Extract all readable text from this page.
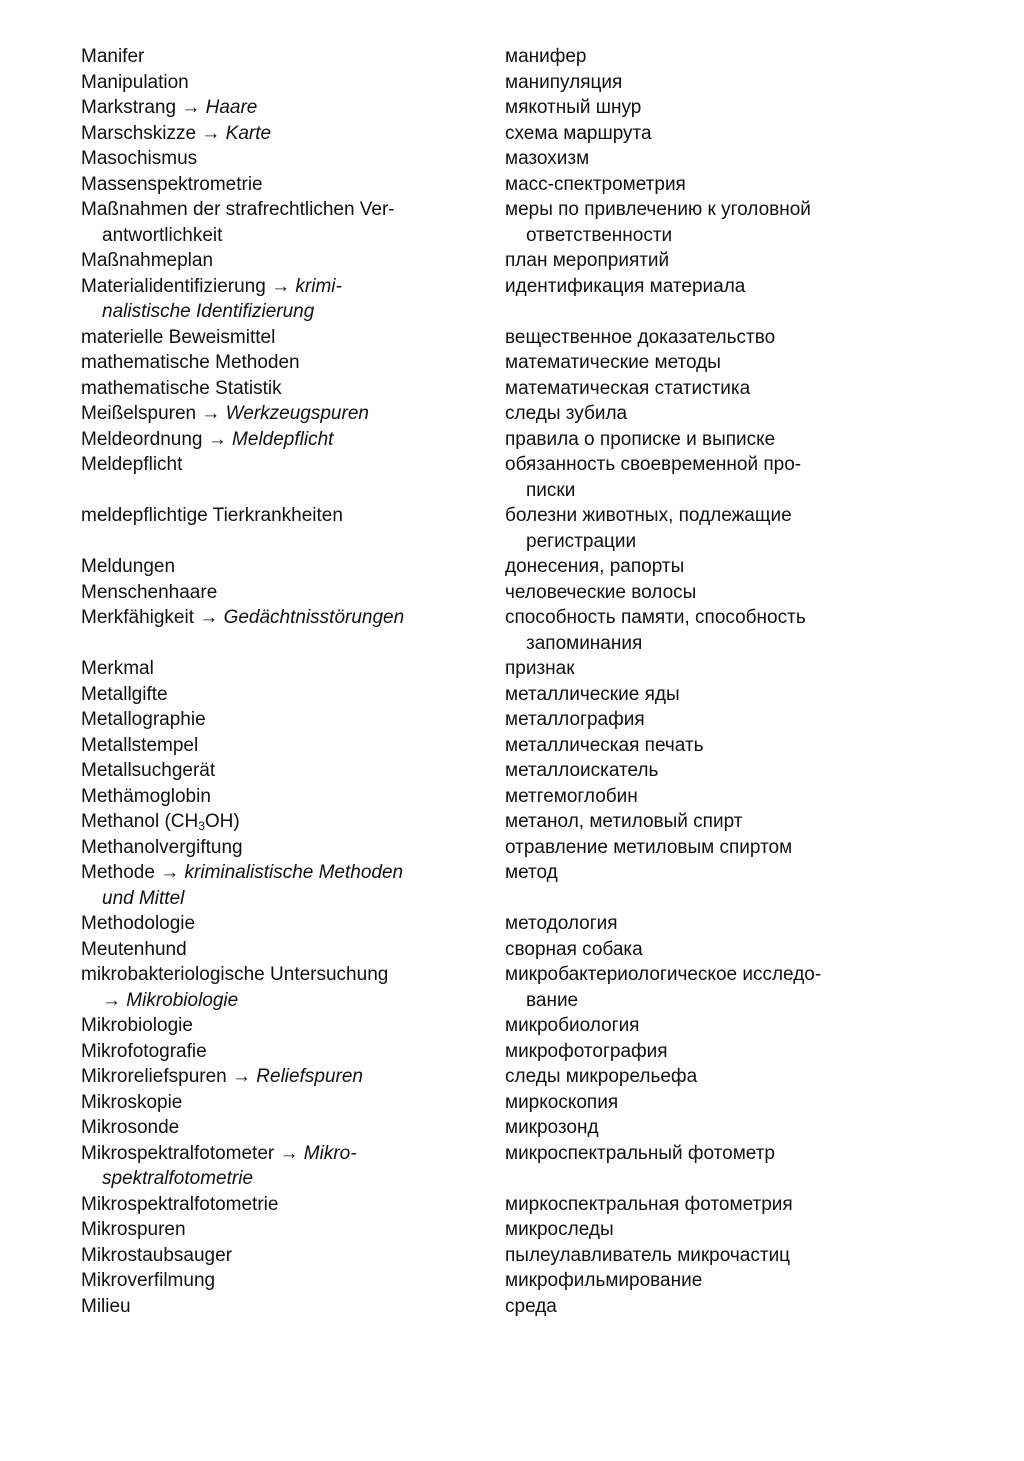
Manifer
Manipulation
Markstrang → Haare
Marschskizze → Karte
Masochismus
Massenspektrometrie
Maßnahmen der strafrechtlichen Ver-
antwortlichkeit
Maßnahmeplan
Materialidentifizierung → krimi-
nalistische Identifizierung
materielle Beweismittel
mathematische Methoden
mathematische Statistik
Meißelspuren → Werkzeugspuren
Meldeordnung → Meldepflicht
Meldepflicht

meldepflichtige Tierkrankheiten

Meldungen
Menschenhaare
Merkfähigkeit → Gedächtnisstörungen

Merkmal
Metallgifte
Metallographie
Metallstempel
Metallsuchgerät
Methämoglobin
Methanol $(CH_3OH)$
Methanolvergiftung
Methode → kriminalistische Methoden
und Mittel
Methodologie
Meutenhund
mikrobakteriologische Untersuchung
→ Mikrobiologie
Mikrobiologie
Mikrofotografie
Mikroreliefspuren → Reliefspuren
Mikroskopie
Mikrosonde
Mikrospektralfotometer → Mikro-
spektralfotometrie
Mikrospektralfotometrie
Mikrospuren
Mikrostaubsauger
Mikroverfilmung
Milieu
манифер
манипуляция
мякотный шнур
схема маршрута
мазохизм
масс-спектрометрия
меры по привлечению к уголовной
ответственности
план мероприятий
идентификация материала

вещественное доказательство
математические методы
математическая статистика
следы зубила
правила о прописке и выписке
обязанность своевременной про-
писки
болезни животных, подлежащие
регистрации
донесения, рапорты
человеческие волосы
способность памяти, способность
запоминания
признак
металлические яды
металлография
металлическая печать
металлоискатель
метгемоглобин
метанол, метиловый спирт
отравление метиловым спиртом
метод

методология
сворная собака
микробактериологическое исследо-
вание
микробиология
микрофотография
следы микрорельефа
миркоскопия
микрозонд
микроспектральный фотометр

миркоспектральная фотометрия
микроследы
пылеулавливатель микрочастиц
микрофильмирование
среда
